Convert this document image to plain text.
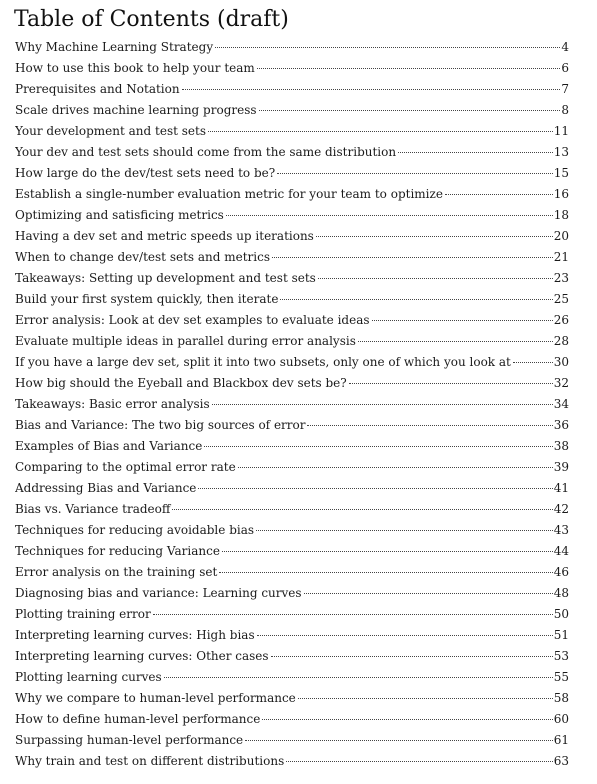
Table of Contents (draft)
Why Machine Learning Strategy	4
How to use this book to help your team	6
Prerequisites and Notation	7
Scale drives machine learning progress	8
Your development and test sets	11
Your dev and test sets should come from the same distribution	13
How large do the dev/test sets need to be?	15
Establish a single-number evaluation metric for your team to optimize	16
Optimizing and satisficing metrics	18
Having a dev set and metric speeds up iterations	20
When to change dev/test sets and metrics	21
Takeaways: Setting up development and test sets	23
Build your first system quickly, then iterate	25
Error analysis: Look at dev set examples to evaluate ideas	26
Evaluate multiple ideas in parallel during error analysis	28
If you have a large dev set, split it into two subsets, only one of which you look at	30
How big should the Eyeball and Blackbox dev sets be?	32
Takeaways: Basic error analysis	34
Bias and Variance: The two big sources of error	36
Examples of Bias and Variance	38
Comparing to the optimal error rate	39
Addressing Bias and Variance	41
Bias vs. Variance tradeoff	42
Techniques for reducing avoidable bias	43
Techniques for reducing Variance	44
Error analysis on the training set	46
Diagnosing bias and variance: Learning curves	48
Plotting training error	50
Interpreting learning curves: High bias	51
Interpreting learning curves: Other cases	53
Plotting learning curves	55
Why we compare to human-level performance	58
How to define human-level performance	60
Surpassing human-level performance	61
Why train and test on different distributions	63
